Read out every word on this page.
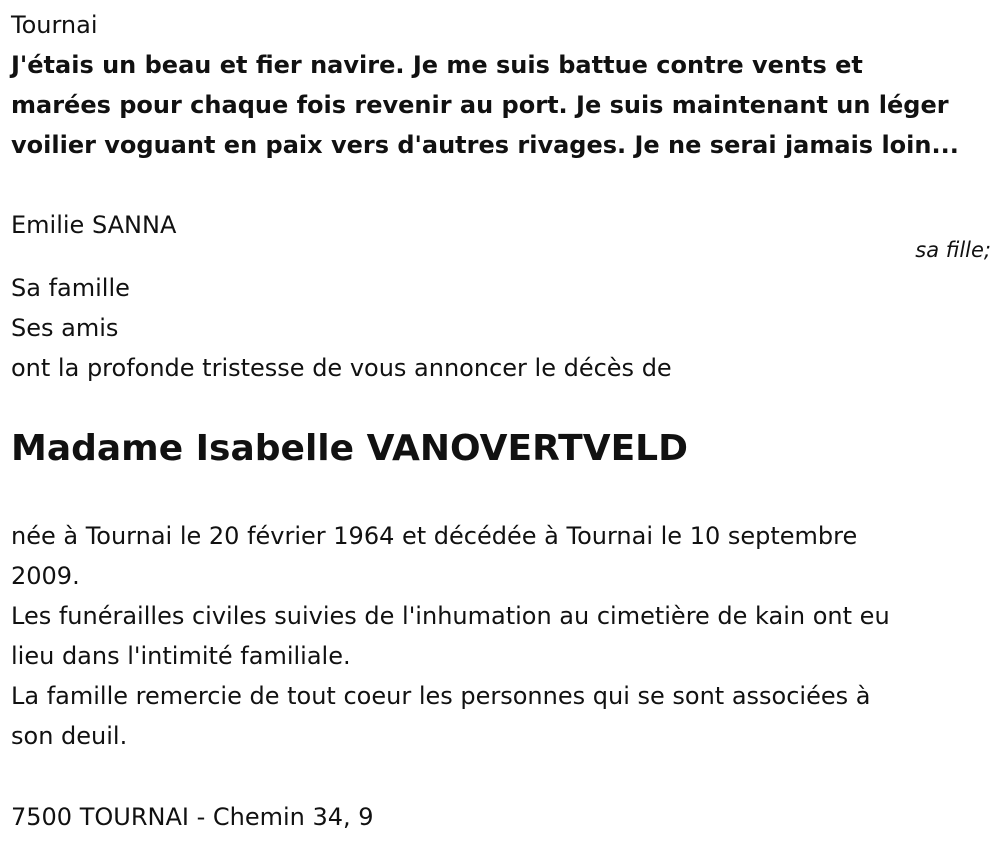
Tournai

J'étais un beau et fier navire. Je me suis battue contre vents et
marées pour chaque fois revenir au port. Je suis maintenant un léger
voilier voguant en paix vers d'autres rivages. Je ne serai jamais loin...

Emilie SANNA

sa fille;

Sa famille

Ses amis

ont la profonde tristesse de vous annoncer le décès de

Madame Isabelle VANOVERTVELD
née à Tournai le 20 février 1964 et décédée à Tournai le 10 septembre
2009.
Les funérailles civiles suivies de l'inhumation au cimetière de kain ont eu
lieu dans l'intimité familiale.
La famille remercie de tout coeur les personnes qui se sont associées à
son deuil.

7500 TOURNAI - Chemin 34, 9
